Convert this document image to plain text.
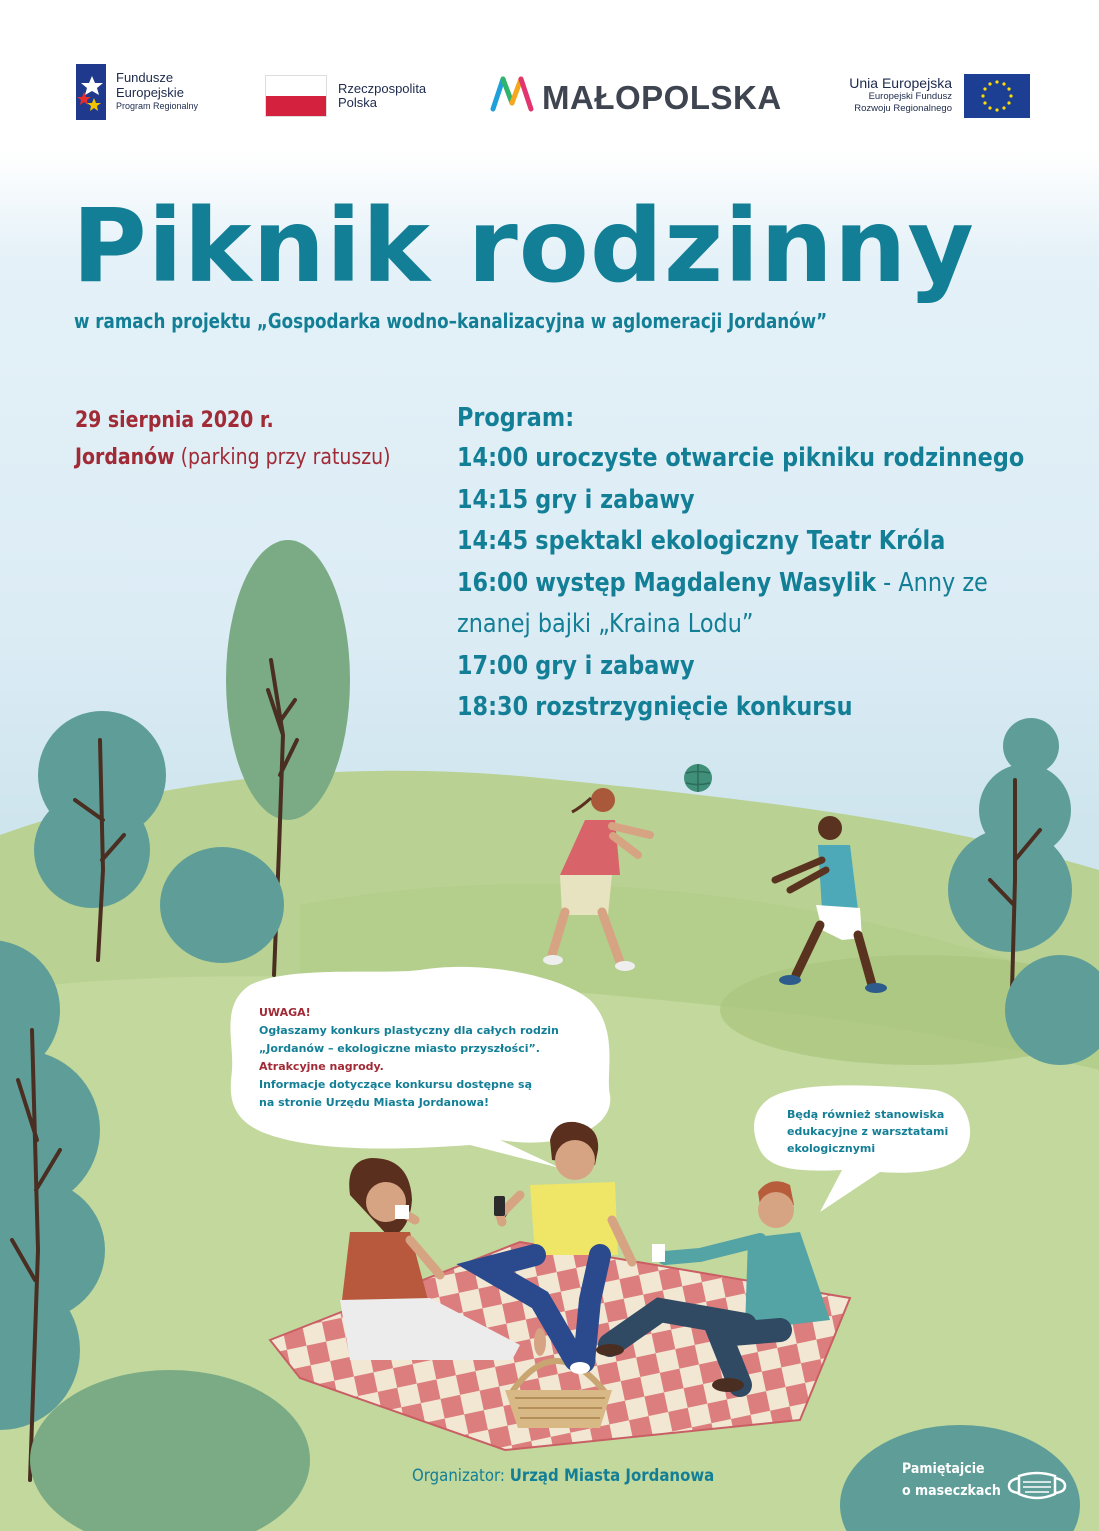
Fundusze
Europejskie
Program Regionalny
Rzeczpospolita
Polska	MAŁOPOLSKA	Unia Europejska
Europejski Fundusz
Rozwoju Regionalnego
Piknik rodzinny
w ramach projektu „Gospodarka wodno–kanalizacyjna w aglomeracji Jordanów”
29 sierpnia 2020 r.
Jordanów (parking przy ratuszu)
Program:
14:00 uroczyste otwarcie pikniku rodzinnego
14:15 gry i zabawy
14:45 spektakl ekologiczny Teatr Króla
16:00 występ Magdaleny Wasylik - Anny ze znanej bajki „Kraina Lodu”
17:00 gry i zabawy
18:30 rozstrzygnięcie konkursu
UWAGA!
Ogłaszamy konkurs plastyczny dla całych rodzin
„Jordanów – ekologiczne miasto przyszłości”.
Atrakcyjne nagrody.
Informacje dotyczące konkursu dostępne są
na stronie Urzędu Miasta Jordanowa!
Będą również stanowiska
edukacyjne z warsztatami
ekologicznymi
Organizator: Urząd Miasta Jordanowa	Pamiętajcie
o maseczkach
